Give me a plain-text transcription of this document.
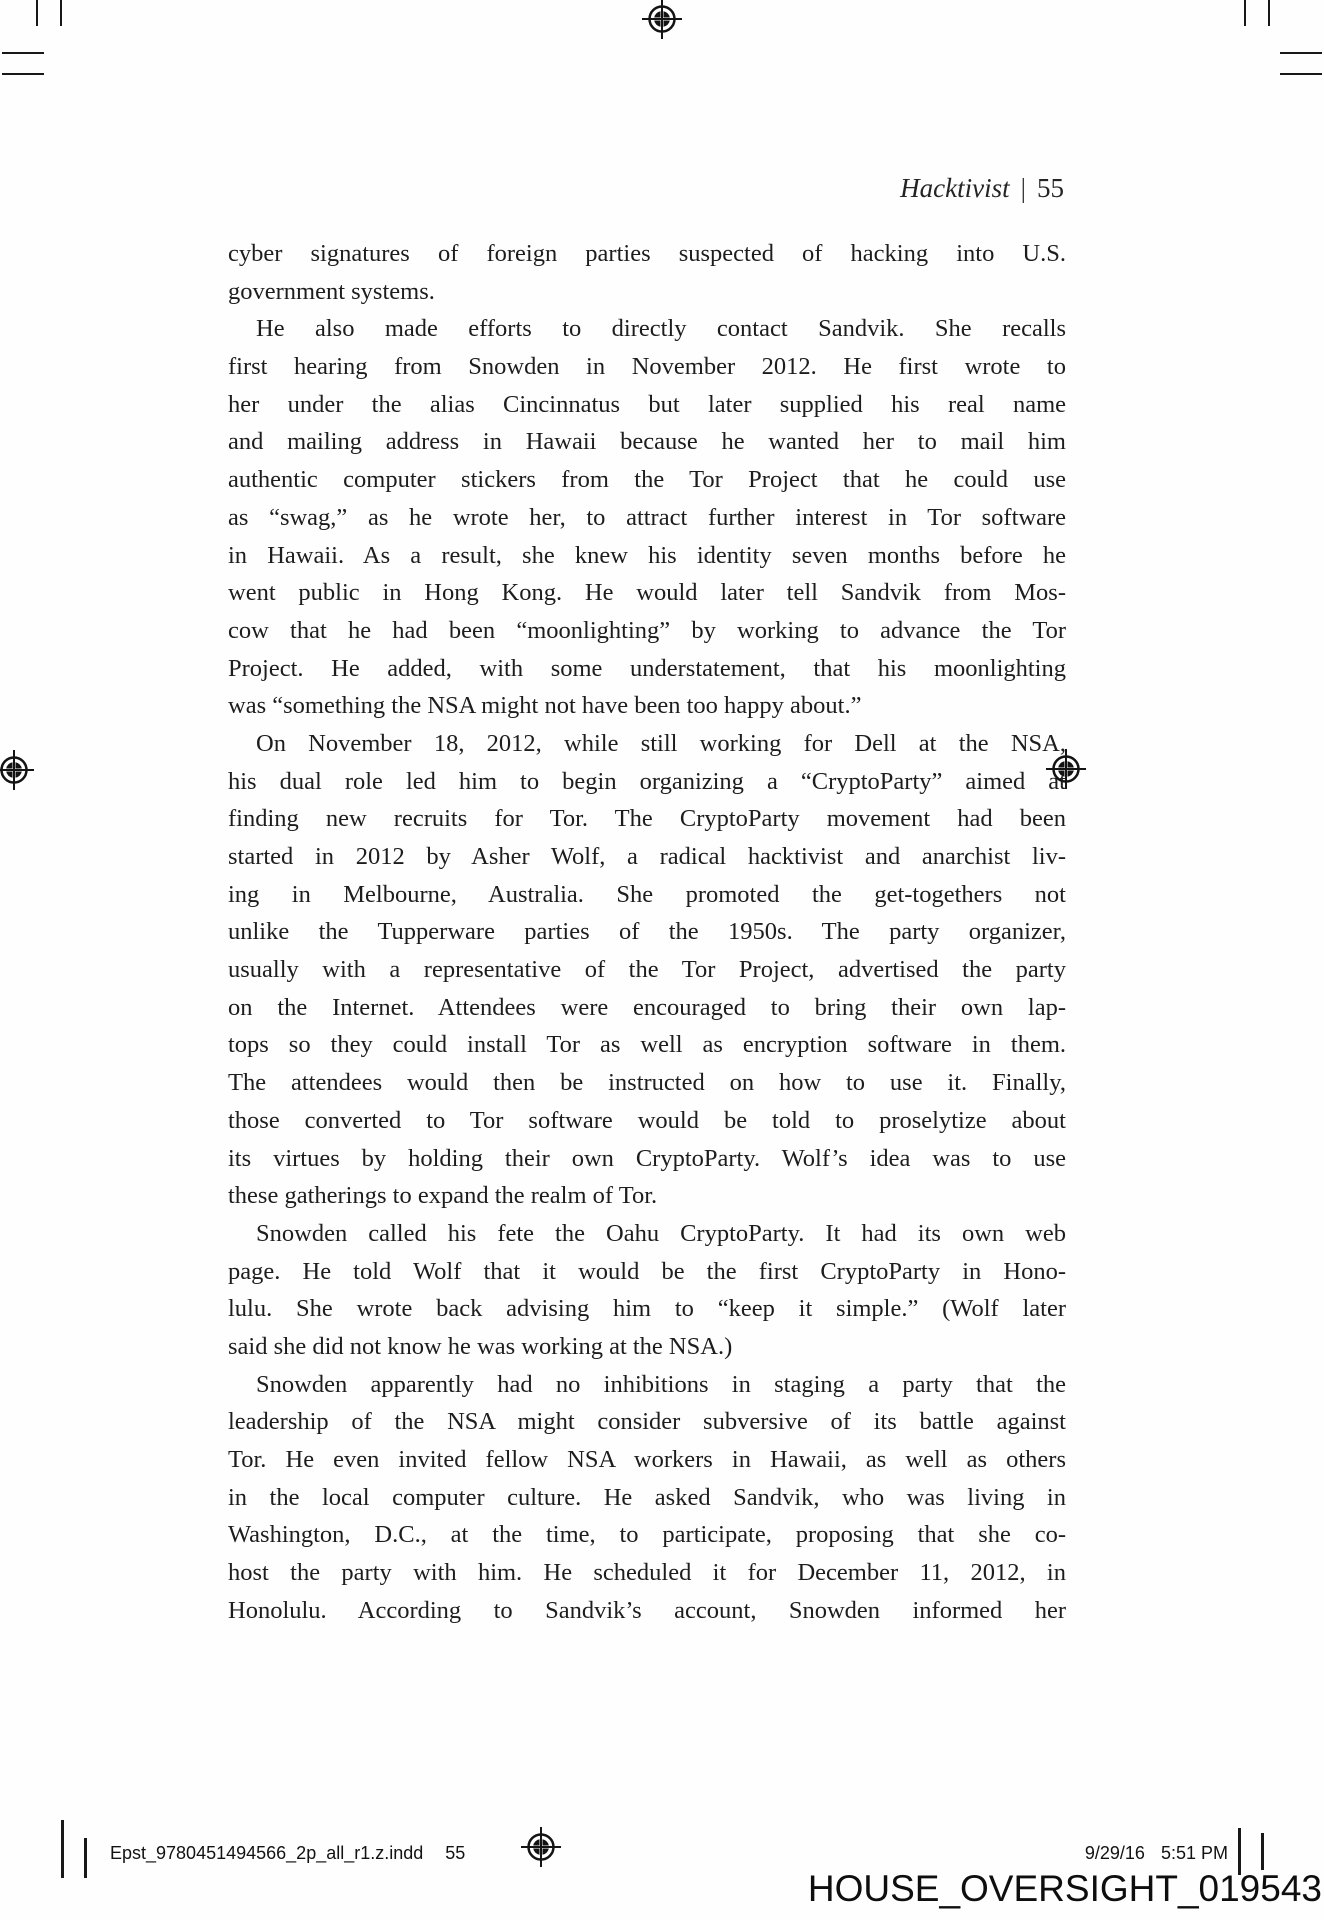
Hacktivist | 55
cyber signatures of foreign parties suspected of hacking into U.S.
government systems.
He also made efforts to directly contact Sandvik. She recalls
first hearing from Snowden in November 2012. He first wrote to
her under the alias Cincinnatus but later supplied his real name
and mailing address in Hawaii because he wanted her to mail him
authentic computer stickers from the Tor Project that he could use
as “swag,” as he wrote her, to attract further interest in Tor software
in Hawaii. As a result, she knew his identity seven months before he
went public in Hong Kong. He would later tell Sandvik from Mos-
cow that he had been “moonlighting” by working to advance the Tor
Project. He added, with some understatement, that his moonlighting
was “something the NSA might not have been too happy about.”
On November 18, 2012, while still working for Dell at the NSA,
his dual role led him to begin organizing a “CryptoParty” aimed at
finding new recruits for Tor. The CryptoParty movement had been
started in 2012 by Asher Wolf, a radical hacktivist and anarchist liv-
ing in Melbourne, Australia. She promoted the get-togethers not
unlike the Tupperware parties of the 1950s. The party organizer,
usually with a representative of the Tor Project, advertised the party
on the Internet. Attendees were encouraged to bring their own lap-
tops so they could install Tor as well as encryption software in them.
The attendees would then be instructed on how to use it. Finally,
those converted to Tor software would be told to proselytize about
its virtues by holding their own CryptoParty. Wolf’s idea was to use
these gatherings to expand the realm of Tor.
Snowden called his fete the Oahu CryptoParty. It had its own web
page. He told Wolf that it would be the first CryptoParty in Hono-
lulu. She wrote back advising him to “keep it simple.” (Wolf later
said she did not know he was working at the NSA.)
Snowden apparently had no inhibitions in staging a party that the
leadership of the NSA might consider subversive of its battle against
Tor. He even invited fellow NSA workers in Hawaii, as well as others
in the local computer culture. He asked Sandvik, who was living in
Washington, D.C., at the time, to participate, proposing that she co-
host the party with him. He scheduled it for December 11, 2012, in
Honolulu. According to Sandvik’s account, Snowden informed her
Epst_9780451494566_2p_all_r1.z.indd 55	9/29/16 5:51 PM
HOUSE_OVERSIGHT_019543
